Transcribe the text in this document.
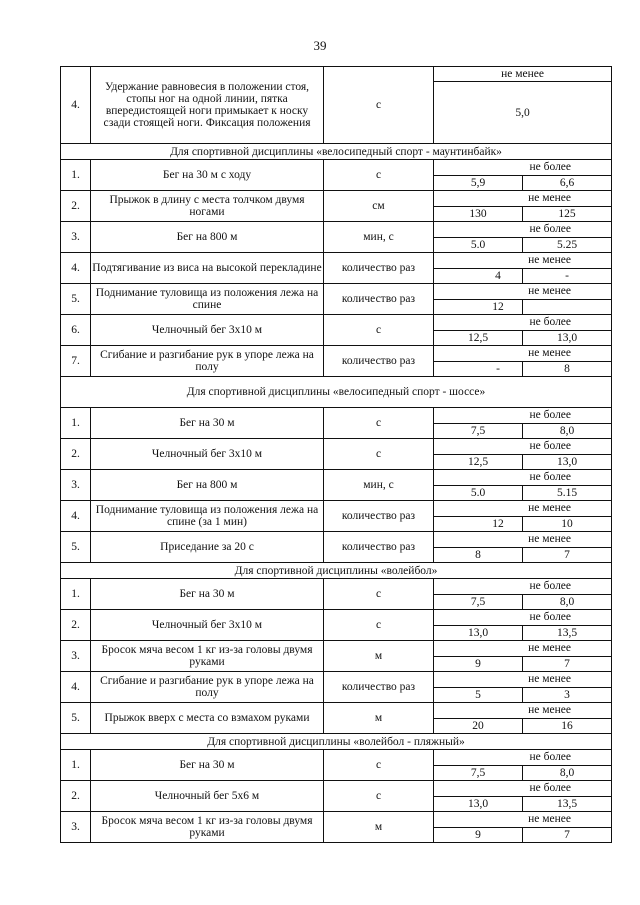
39
4.	Удержание равновесия в положении стоя, стопы ног на одной линии, пятка впередистоящей ноги примыкает к носку сзади стоящей ноги. Фиксация положения	с	не менее	
			5,0	
Для спортивной дисциплины «велосипедный спорт - маунтинбайк»				
1.	Бег на 30 м с ходу	с	не более	
			5,9	6,6
2.	Прыжок в длину с места толчком двумя ногами	см	не менее	
			130	125
3.	Бег на 800 м	мин, с	не более	
			5.0	5.25
4.	Подтягивание из виса на высокой перекладине	количество раз	не менее	
			4	-
5.	Поднимание туловища из положения лежа на спине	количество раз	не менее	
			12	
6.	Челночный бег 3x10 м	с	не более	
			12,5	13,0
7.	Сгибание и разгибание рук в упоре лежа на полу	количество раз	не менее	
			-	8
Для спортивной дисциплины «велосипедный спорт - шоссе»				
1.	Бег на 30 м	с	не более	
			7,5	8,0
2.	Челночный бег 3x10 м	с	не более	
			12,5	13,0
3.	Бег на 800 м	мин, с	не более	
			5.0	5.15
4.	Поднимание туловища из положения лежа на спине (за 1 мин)	количество раз	не менее	
			12	10
5.	Приседание за 20 с	количество раз	не менее	
			8	7
Для спортивной дисциплины «волейбол»				
1.	Бег на 30 м	с	не более	
			7,5	8,0
2.	Челночный бег 3x10 м	с	не более	
			13,0	13,5
3.	Бросок мяча весом 1 кг из-за головы двумя руками	м	не менее	
			9	7
4.	Сгибание и разгибание рук в упоре лежа на полу	количество раз	не менее	
			5	3
5.	Прыжок вверх с места со взмахом руками	м	не менее	
			20	16
Для спортивной дисциплины «волейбол - пляжный»				
1.	Бег на 30 м	с	не более	
			7,5	8,0
2.	Челночный бег 5x6 м	с	не более	
			13,0	13,5
3.	Бросок мяча весом 1 кг из-за головы двумя руками	м	не менее	
			9	7
